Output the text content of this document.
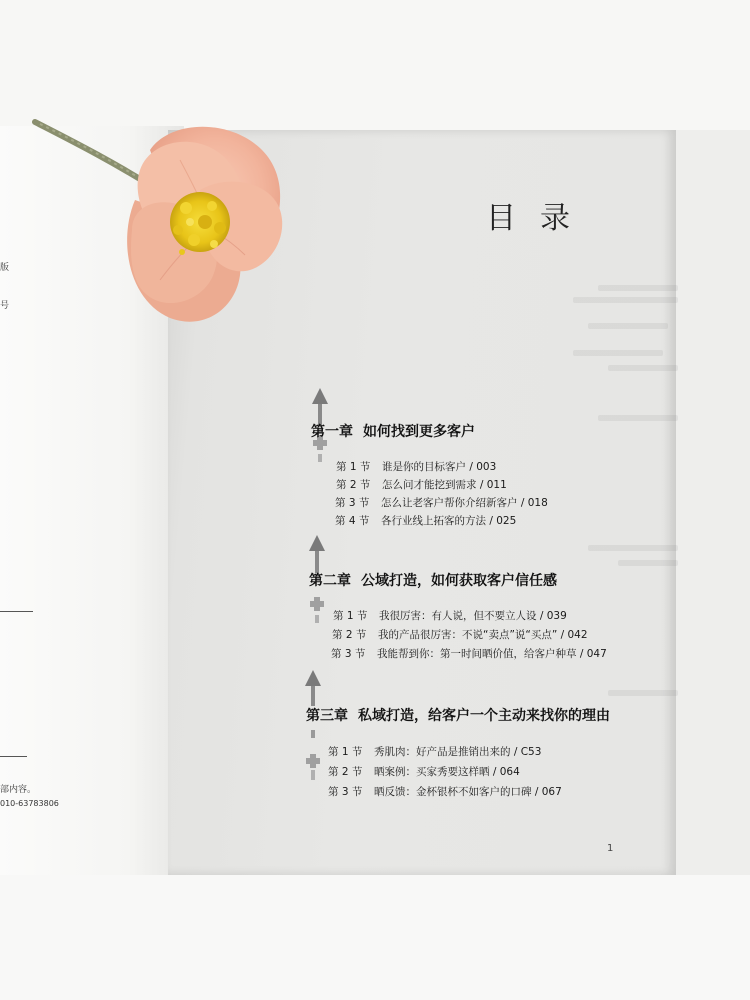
版
号
部内容。
010-63783806
目录
第一章 如何找到更多客户
第 1 节 谁是你的目标客户 / 003
第 2 节 怎么问才能挖到需求 / 011
第 3 节 怎么让老客户帮你介绍新客户 / 018
第 4 节 各行业线上拓客的方法 / 025
第二章 公域打造，如何获取客户信任感
第 1 节 我很厉害：有人说，但不要立人设 / 039
第 2 节 我的产品很厉害：不说“卖点”说“买点” / 042
第 3 节 我能帮到你：第一时间晒价值，给客户种草 / 047
第三章 私域打造，给客户一个主动来找你的理由
第 1 节 秀肌肉：好产品是推销出来的 / C53
第 2 节 晒案例：买家秀要这样晒 / 064
第 3 节 晒反馈：金杯银杯不如客户的口碑 / 067
1
